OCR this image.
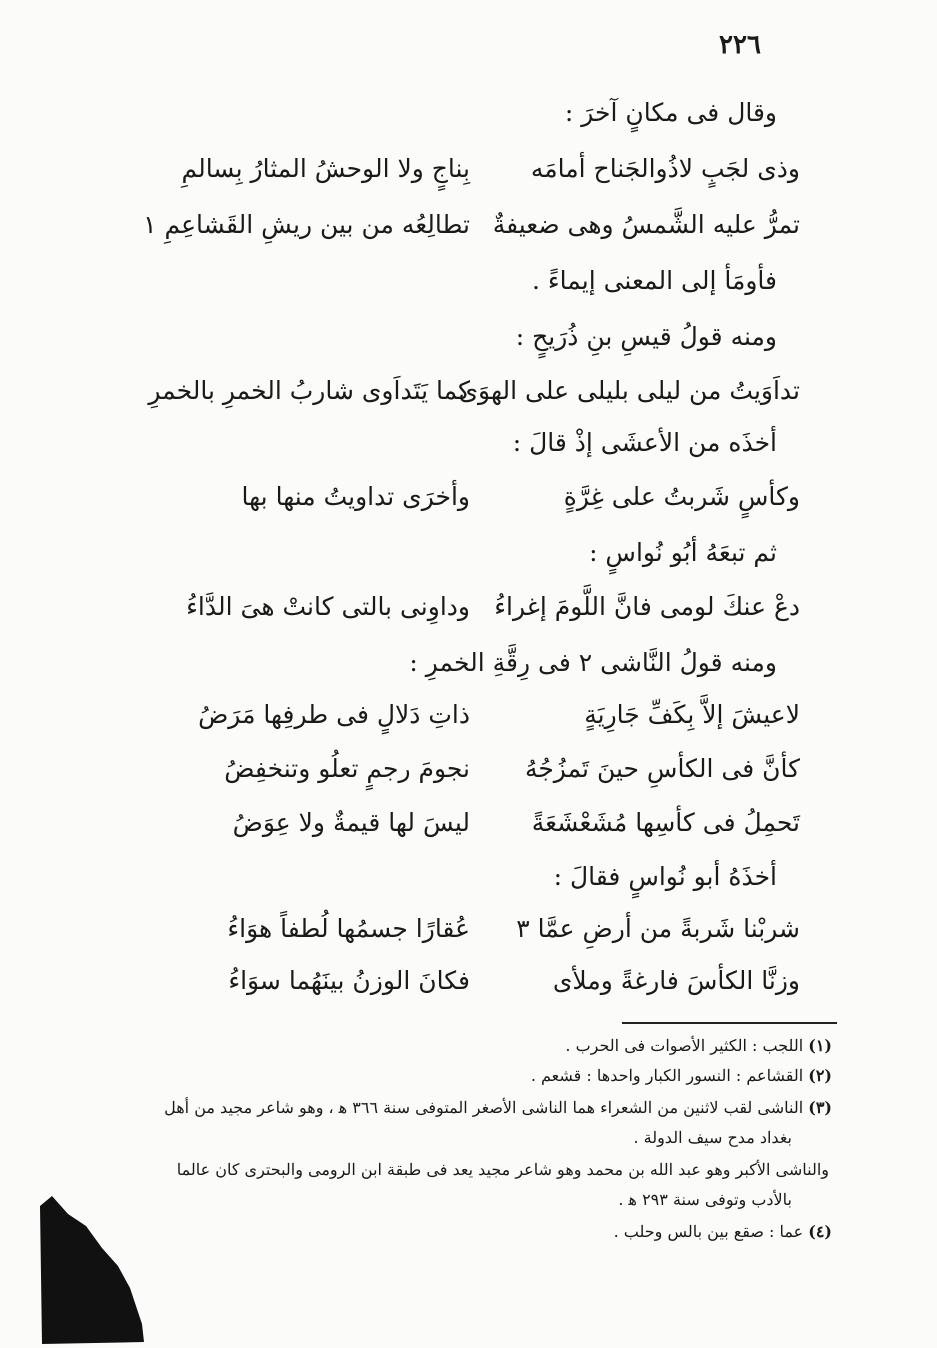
٢٢٦
وقال فى مكانٍ آخرَ :
وذى لجَبٍ لاذُوالجَناح أمامَه
بِناجٍ ولا الوحشُ المثارُ بِسالمِ
تمرُّ عليه الشَّمسُ وهى ضعيفةٌ
تطالِعُه من بين ريشِ القَشاعِمِ ١
فأومَأ إلى المعنى إيماءً .
ومنه قولُ قيسِ بنِ ذُرَيحٍ :
تداَوَيتُ من ليلى بليلى على الهوَى
كما يَتَداَوى شاربُ الخمرِ بالخمرِ
أخذَه من الأعشَى إذْ قالَ :
وكأسٍ شَربتُ على غِرَّةٍ
وأخرَى تداويتُ منها بها
ثم تبعَهُ أبُو نُواسٍ :
دعْ عنكَ لومى فانَّ اللَّومَ إغراءُ
وداوِنى بالتى كانتْ هىَ الدَّاءُ
ومنه قولُ النَّاشى ٢ فى رِقَّةِ الخمرِ :
لاعيشَ إلاَّ بِكَفِّ جَارِيَةٍ
ذاتِ دَلالٍ فى طرفِها مَرَضُ
كأنَّ فى الكأسِ حينَ تَمزُجُهُ
نجومَ رجمٍ تعلُو وتنخفِضُ
تَحمِلُ فى كأسِها مُشَعْشَعَةً
ليسَ لها قيمةٌ ولا عِوَضُ
أخذَهُ أبو نُواسٍ فقالَ :
شربْنا شَربةً من أرضِ عمَّا ٣
عُقارًا جسمُها لُطفاً هوَاءُ
وزنَّا الكأسَ فارغةً وملأى
فكانَ الوزنُ بينَهُما سوَاءُ
(١) اللجب : الكثير الأصوات فى الحرب .
(٢) القشاعم : النسور الكبار واحدها : قشعم .
(٣) الناشى لقب لاثنين من الشعراء هما الناشى الأصغر المتوفى سنة ٣٦٦ ﻫ ، وهو شاعر مجيد من أهل
بغداد مدح سيف الدولة .
والناشى الأكبر وهو عبد الله بن محمد وهو شاعر مجيد يعد فى طبقة ابن الرومى والبحترى كان عالما
بالأدب وتوفى سنة ٢٩٣ ﻫ .
(٤) عما : صقع بين بالس وحلب .
